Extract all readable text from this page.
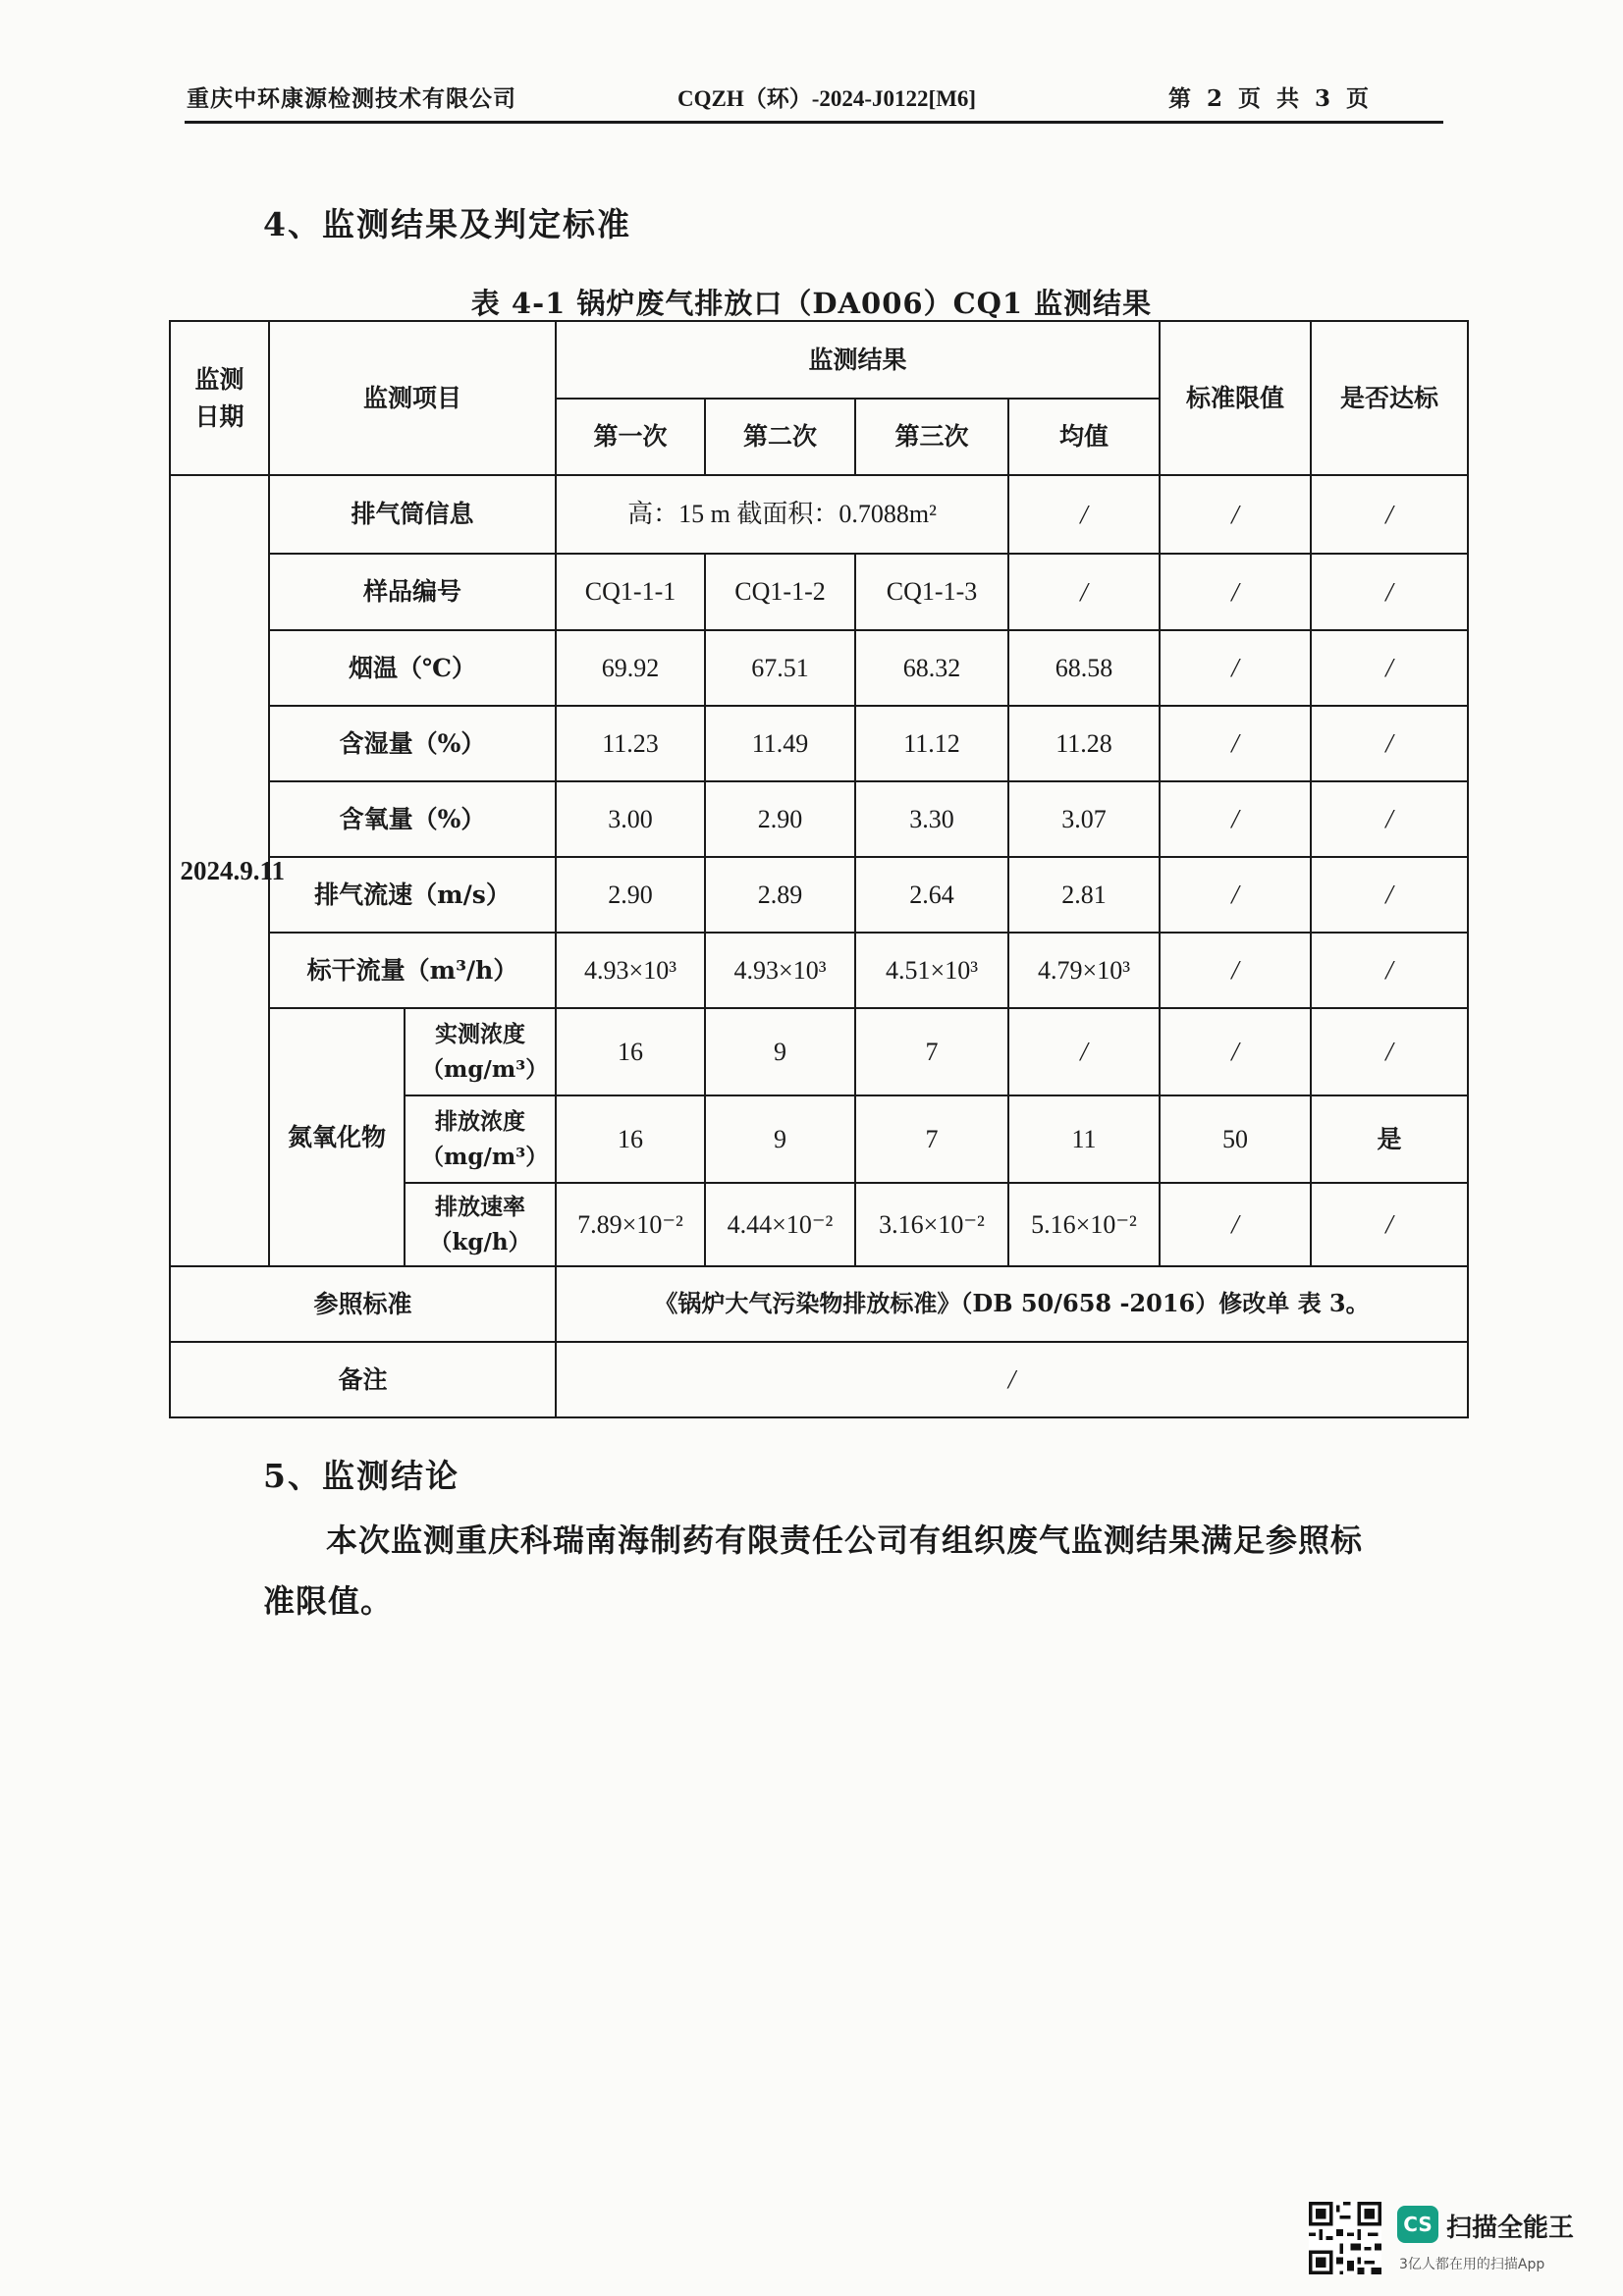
重庆中环康源检测技术有限公司	CQZH（环）-2024-J0122[M6]	第 2 页 共 3 页
4、监测结果及判定标准
表 4-1 锅炉废气排放口（DA006）CQ1 监测结果
监测日期	监测项目		监测结果				标准限值	是否达标
			第一次	第二次	第三次	均值		
2024.9.11	排气筒信息		高：15 m 截面积：0.7088m²			/	/	/
	样品编号		CQ1-1-1	CQ1-1-2	CQ1-1-3	/	/	/
	烟温（℃）		69.92	67.51	68.32	68.58	/	/
	含湿量（%）		11.23	11.49	11.12	11.28	/	/
	含氧量（%）		3.00	2.90	3.30	3.07	/	/
	排气流速（m/s）		2.90	2.89	2.64	2.81	/	/
	标干流量（m³/h）		4.93×10³	4.93×10³	4.51×10³	4.79×10³	/	/
	氮氧化物	实测浓度（mg/m³）	16	9	7	/	/	/
		排放浓度（mg/m³）	16	9	7	11	50	是
		排放速率（kg/h）	7.89×10⁻²	4.44×10⁻²	3.16×10⁻²	5.16×10⁻²	/	/
参照标准			《锅炉大气污染物排放标准》（DB 50/658 -2016）修改单 表 3。					
备注			/					
5、监测结论
本次监测重庆科瑞南海制药有限责任公司有组织废气监测结果满足参照标准限值。
CS 扫描全能王
3亿人都在用的扫描App
